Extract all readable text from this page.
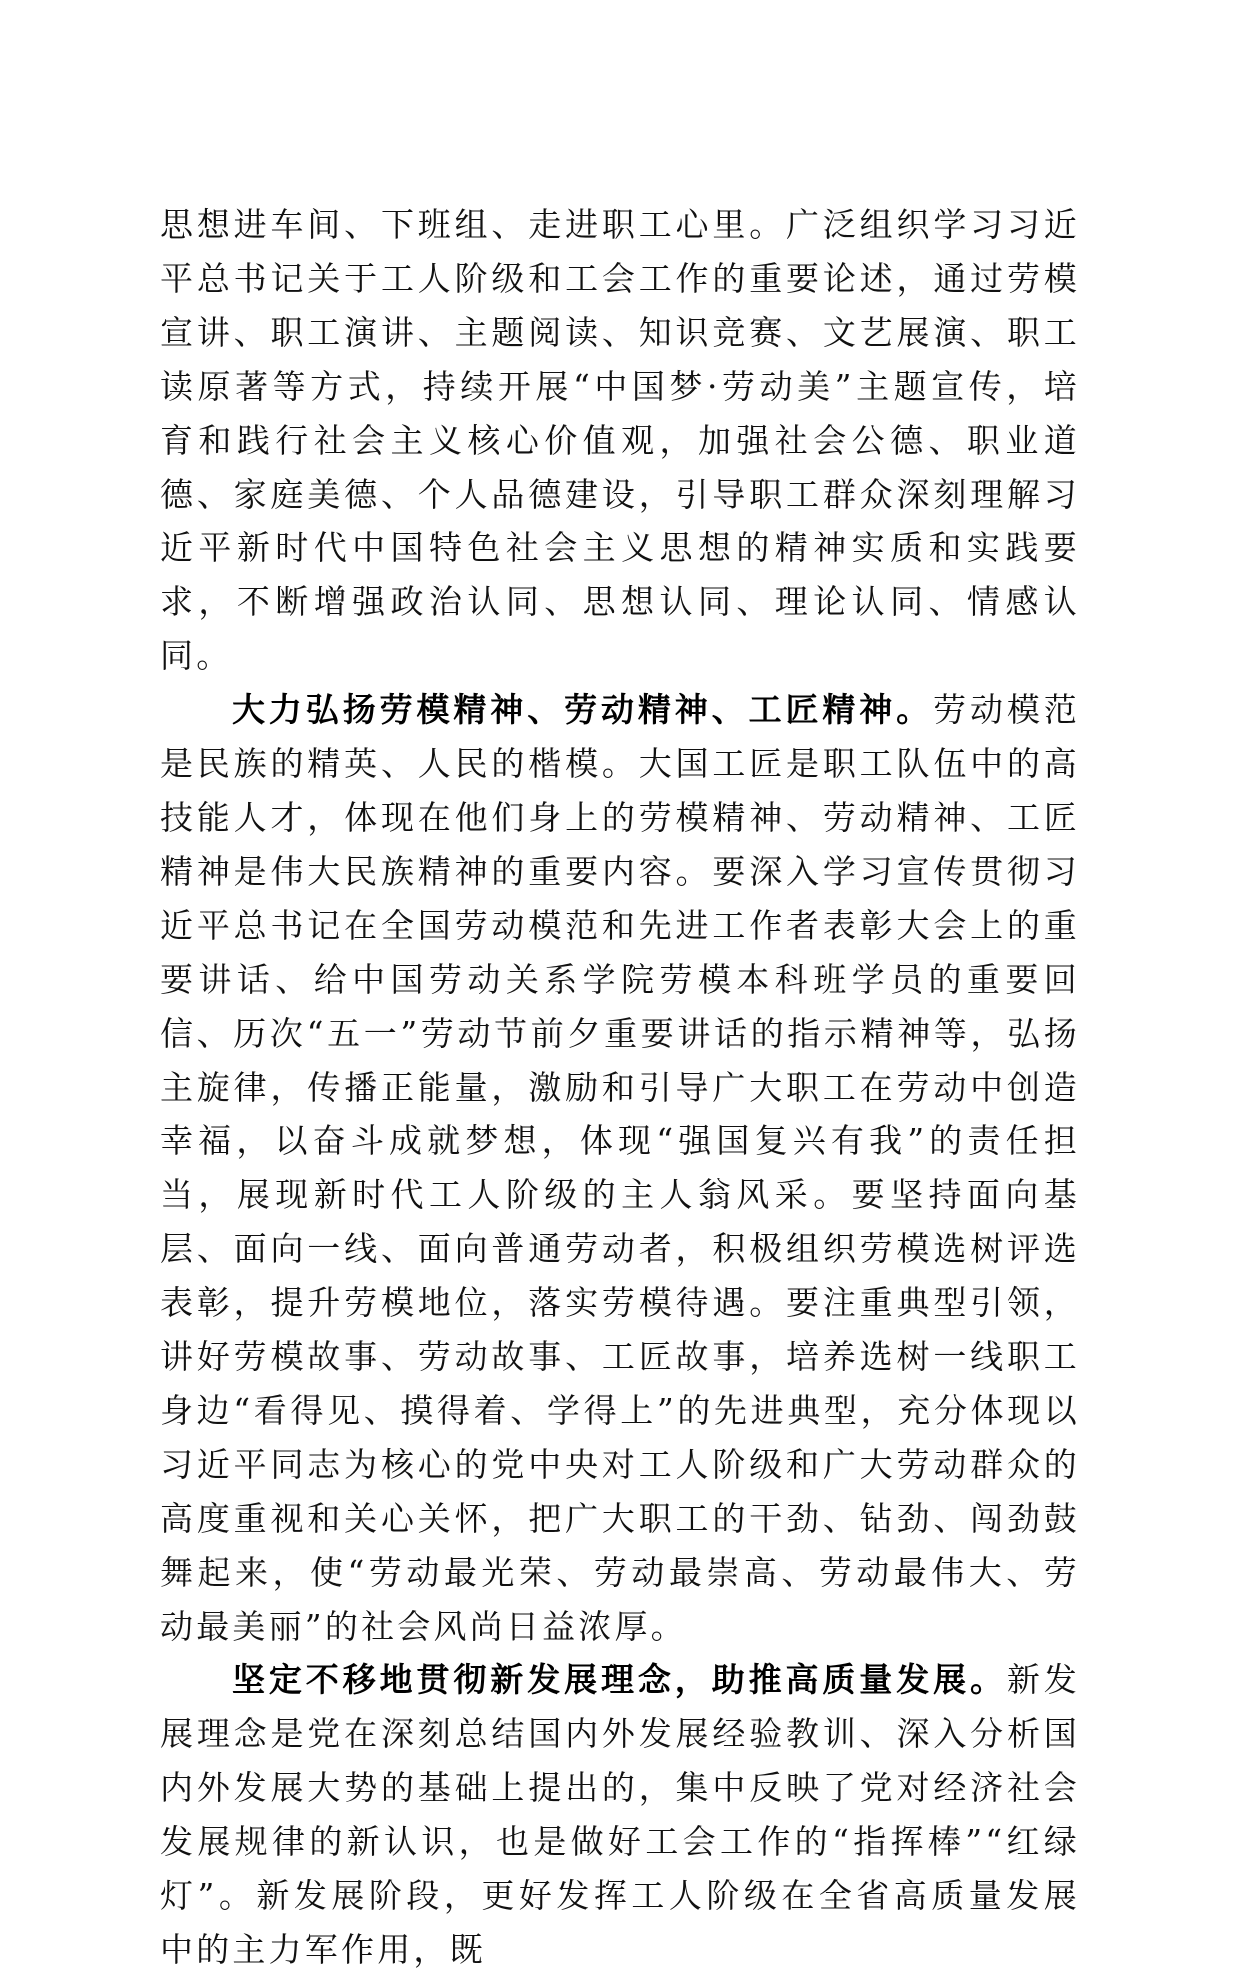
思想进车间、下班组、走进职工心里。广泛组织学习习近平总书记关于工人阶级和工会工作的重要论述，通过劳模宣讲、职工演讲、主题阅读、知识竞赛、文艺展演、职工读原著等方式，持续开展“中国梦·劳动美”主题宣传，培育和践行社会主义核心价值观，加强社会公德、职业道德、家庭美德、个人品德建设，引导职工群众深刻理解习近平新时代中国特色社会主义思想的精神实质和实践要求，不断增强政治认同、思想认同、理论认同、情感认同。

大力弘扬劳模精神、劳动精神、工匠精神。劳动模范是民族的精英、人民的楷模。大国工匠是职工队伍中的高技能人才，体现在他们身上的劳模精神、劳动精神、工匠精神是伟大民族精神的重要内容。要深入学习宣传贯彻习近平总书记在全国劳动模范和先进工作者表彰大会上的重要讲话、给中国劳动关系学院劳模本科班学员的重要回信、历次“五一”劳动节前夕重要讲话的指示精神等，弘扬主旋律，传播正能量，激励和引导广大职工在劳动中创造幸福，以奋斗成就梦想，体现“强国复兴有我”的责任担当，展现新时代工人阶级的主人翁风采。要坚持面向基层、面向一线、面向普通劳动者，积极组织劳模选树评选表彰，提升劳模地位，落实劳模待遇。要注重典型引领，讲好劳模故事、劳动故事、工匠故事，培养选树一线职工身边“看得见、摸得着、学得上”的先进典型，充分体现以习近平同志为核心的党中央对工人阶级和广大劳动群众的高度重视和关心关怀，把广大职工的干劲、钻劲、闯劲鼓舞起来，使“劳动最光荣、劳动最崇高、劳动最伟大、劳动最美丽”的社会风尚日益浓厚。

坚定不移地贯彻新发展理念，助推高质量发展。新发展理念是党在深刻总结国内外发展经验教训、深入分析国内外发展大势的基础上提出的，集中反映了党对经济社会发展规律的新认识，也是做好工会工作的“指挥棒”“红绿灯”。新发展阶段，更好发挥工人阶级在全省高质量发展中的主力军作用，既
